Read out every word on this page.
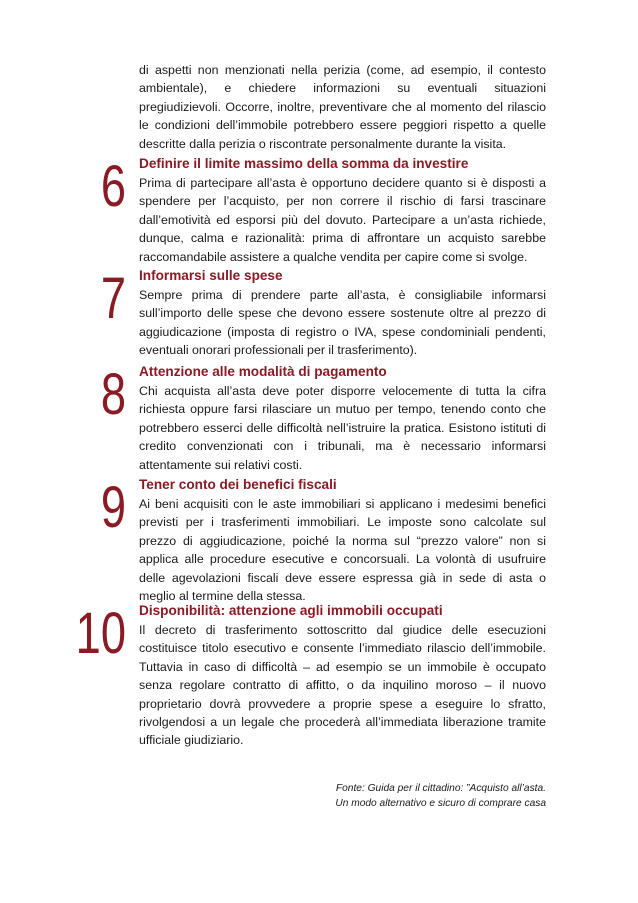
di aspetti non menzionati nella perizia (come, ad esempio, il contesto ambientale), e chiedere informazioni su eventuali situazioni pregiudizievoli. Occorre, inoltre, preventivare che al momento del rilascio le condizioni dell’immobile potrebbero essere peggiori rispetto a quelle descritte dalla perizia o riscontrate personalmente durante la visita.

6 Definire il limite massimo della somma da investire

Prima di partecipare all’asta è opportuno decidere quanto si è disposti a spendere per l’acquisto, per non correre il rischio di farsi trascinare dall’emotività ed esporsi più del dovuto. Partecipare a un’asta richiede, dunque, calma e razionalità: prima di affrontare un acquisto sarebbe raccomandabile assistere a qualche vendita per capire come si svolge.

7 Informarsi sulle spese

Sempre prima di prendere parte all’asta, è consigliabile informarsi sull’importo delle spese che devono essere sostenute oltre al prezzo di aggiudicazione (imposta di registro o IVA, spese condominiali pendenti, eventuali onorari professionali per il trasferimento).

8 Attenzione alle modalità di pagamento

Chi acquista all’asta deve poter disporre velocemente di tutta la cifra richiesta oppure farsi rilasciare un mutuo per tempo, tenendo conto che potrebbero esserci delle difficoltà nell’istruire la pratica. Esistono istituti di credito convenzionati con i tribunali, ma è necessario informarsi attentamente sui relativi costi.

9 Tener conto dei benefici fiscali

Ai beni acquisiti con le aste immobiliari si applicano i medesimi benefici previsti per i trasferimenti immobiliari. Le imposte sono calcolate sul prezzo di aggiudicazione, poiché la norma sul “prezzo valore” non si applica alle procedure esecutive e concorsuali. La volontà di usufruire delle agevolazioni fiscali deve essere espressa già in sede di asta o meglio al termine della stessa.

10 Disponibilità: attenzione agli immobili occupati

Il decreto di trasferimento sottoscritto dal giudice delle esecuzioni costituisce titolo esecutivo e consente l’immediato rilascio dell’immobile. Tuttavia in caso di difficoltà – ad esempio se un immobile è occupato senza regolare contratto di affitto, o da inquilino moroso – il nuovo proprietario dovrà provvedere a proprie spese a eseguire lo sfratto, rivolgendosi a un legale che procederà all’immediata liberazione tramite ufficiale giudiziario.

Fonte: Guida per il cittadino: ”Acquisto all’asta.
Un modo alternativo e sicuro di comprare casa
